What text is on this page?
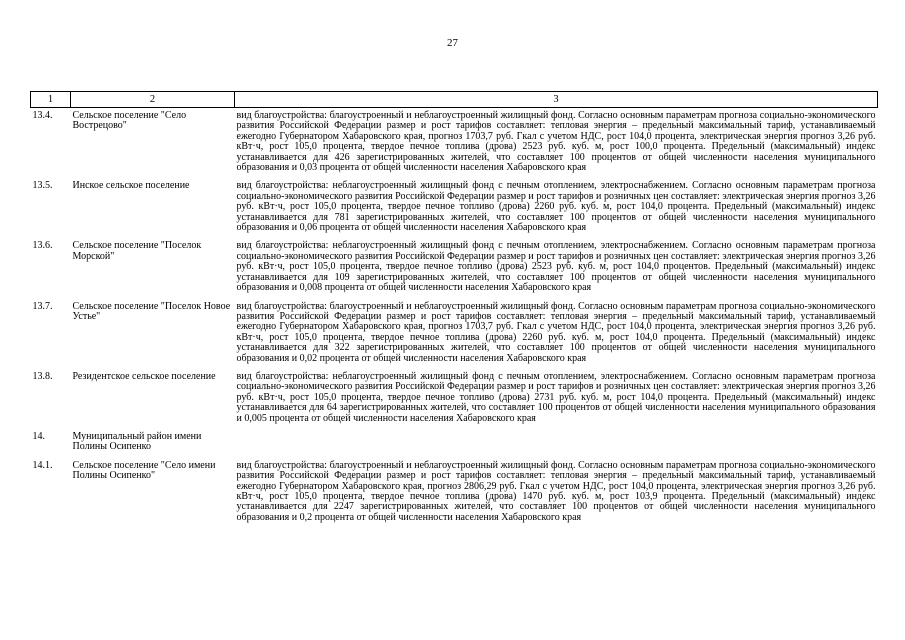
27
1	2	3
13.4.	Сельское поселение "Село Вострецово"	вид благоустройства: благоустроенный и неблагоустроенный жилищный фонд. Согласно основным параметрам прогноза социально-экономического развития Российской Федерации размер и рост тарифов составляет: тепловая энергия – предельный максимальный тариф, устанавливаемый ежегодно Губернатором Хабаровского края, прогноз 1703,7 руб. Гкал с учетом НДС, рост 104,0 процента, электрическая энергия прогноз 3,26 руб. кВт·ч, рост 105,0 процента, твердое печное топлива (дрова) 2523 руб. куб. м, рост 100,0 процента. Предельный (максимальный) индекс устанавливается для 426 зарегистрированных жителей, что составляет 100 процентов от общей численности населения муниципального образования и 0,03 процента от общей численности населения Хабаровского края
13.5.	Инское сельское поселение	вид благоустройства: неблагоустроенный жилищный фонд с печным отоплением, электроснабжением. Согласно основным параметрам прогноза социально-экономического развития Российской Федерации размер и рост тарифов и розничных цен составляет: электрическая энергия прогноз 3,26 руб. кВт·ч, рост 105,0 процента, твердое печное топливо (дрова) 2260 руб. куб. м, рост 104,0 процента. Предельный (максимальный) индекс устанавливается для 781 зарегистрированных жителей, что составляет 100 процентов от общей численности населения муниципального образования и 0,06 процента от общей численности населения Хабаровского края
13.6.	Сельское поселение "Поселок Морской"	вид благоустройства: неблагоустроенный жилищный фонд с печным отоплением, электроснабжением. Согласно основным параметрам прогноза социально-экономического развития Российской Федерации размер и рост тарифов и розничных цен составляет: электрическая энергия прогноз 3,26 руб. кВт·ч, рост 105,0 процента, твердое печное топливо (дрова) 2523 руб. куб. м, рост 104,0 процентов. Предельный (максимальный) индекс устанавливается для 109 зарегистрированных жителей, что составляет 100 процентов от общей численности населения муниципального образования и 0,008 процента от общей численности населения Хабаровского края
13.7.	Сельское поселение "Поселок Новое Устье"	вид благоустройства: благоустроенный и неблагоустроенный жилищный фонд. Согласно основным параметрам прогноза социально-экономического развития Российской Федерации размер и рост тарифов составляет: тепловая энергия – предельный максимальный тариф, устанавливаемый ежегодно Губернатором Хабаровского края, прогноз 1703,7 руб. Гкал с учетом НДС, рост 104,0 процента, электрическая энергия прогноз 3,26 руб. кВт·ч, рост 105,0 процента, твердое печное топлива (дрова) 2260 руб. куб. м, рост 104,0 процента. Предельный (максимальный) индекс устанавливается для 322 зарегистрированных жителей, что составляет 100 процентов от общей численности населения муниципального образования и 0,02 процента от общей численности населения Хабаровского края
13.8.	Резидентское сельское поселение	вид благоустройства: неблагоустроенный жилищный фонд с печным отоплением, электроснабжением. Согласно основным параметрам прогноза социально-экономического развития Российской Федерации размер и рост тарифов и розничных цен составляет: электрическая энергия прогноз 3,26 руб. кВт·ч, рост 105,0 процента, твердое печное топливо (дрова) 2731 руб. куб. м, рост 104,0 процента. Предельный (максимальный) индекс устанавливается для 64 зарегистрированных жителей, что составляет 100 процентов от общей численности населения муниципального образования и 0,005 процента от общей численности населения Хабаровского края
14.	Муниципальный район имени Полины Осипенко	
14.1.	Сельское поселение "Село имени Полины Осипенко"	вид благоустройства: благоустроенный и неблагоустроенный жилищный фонд. Согласно основным параметрам прогноза социально-экономического развития Российской Федерации размер и рост тарифов составляет: тепловая энергия – предельный максимальный тариф, устанавливаемый ежегодно Губернатором Хабаровского края, прогноз 2806,29 руб. Гкал с учетом НДС, рост 104,0 процента, электрическая энергия прогноз 3,26 руб. кВт·ч, рост 105,0 процента, твердое печное топлива (дрова) 1470 руб. куб. м, рост 103,9 процента. Предельный (максимальный) индекс устанавливается для 2247 зарегистрированных жителей, что составляет 100 процентов от общей численности населения муниципального образования и 0,2 процента от общей численности населения Хабаровского края
